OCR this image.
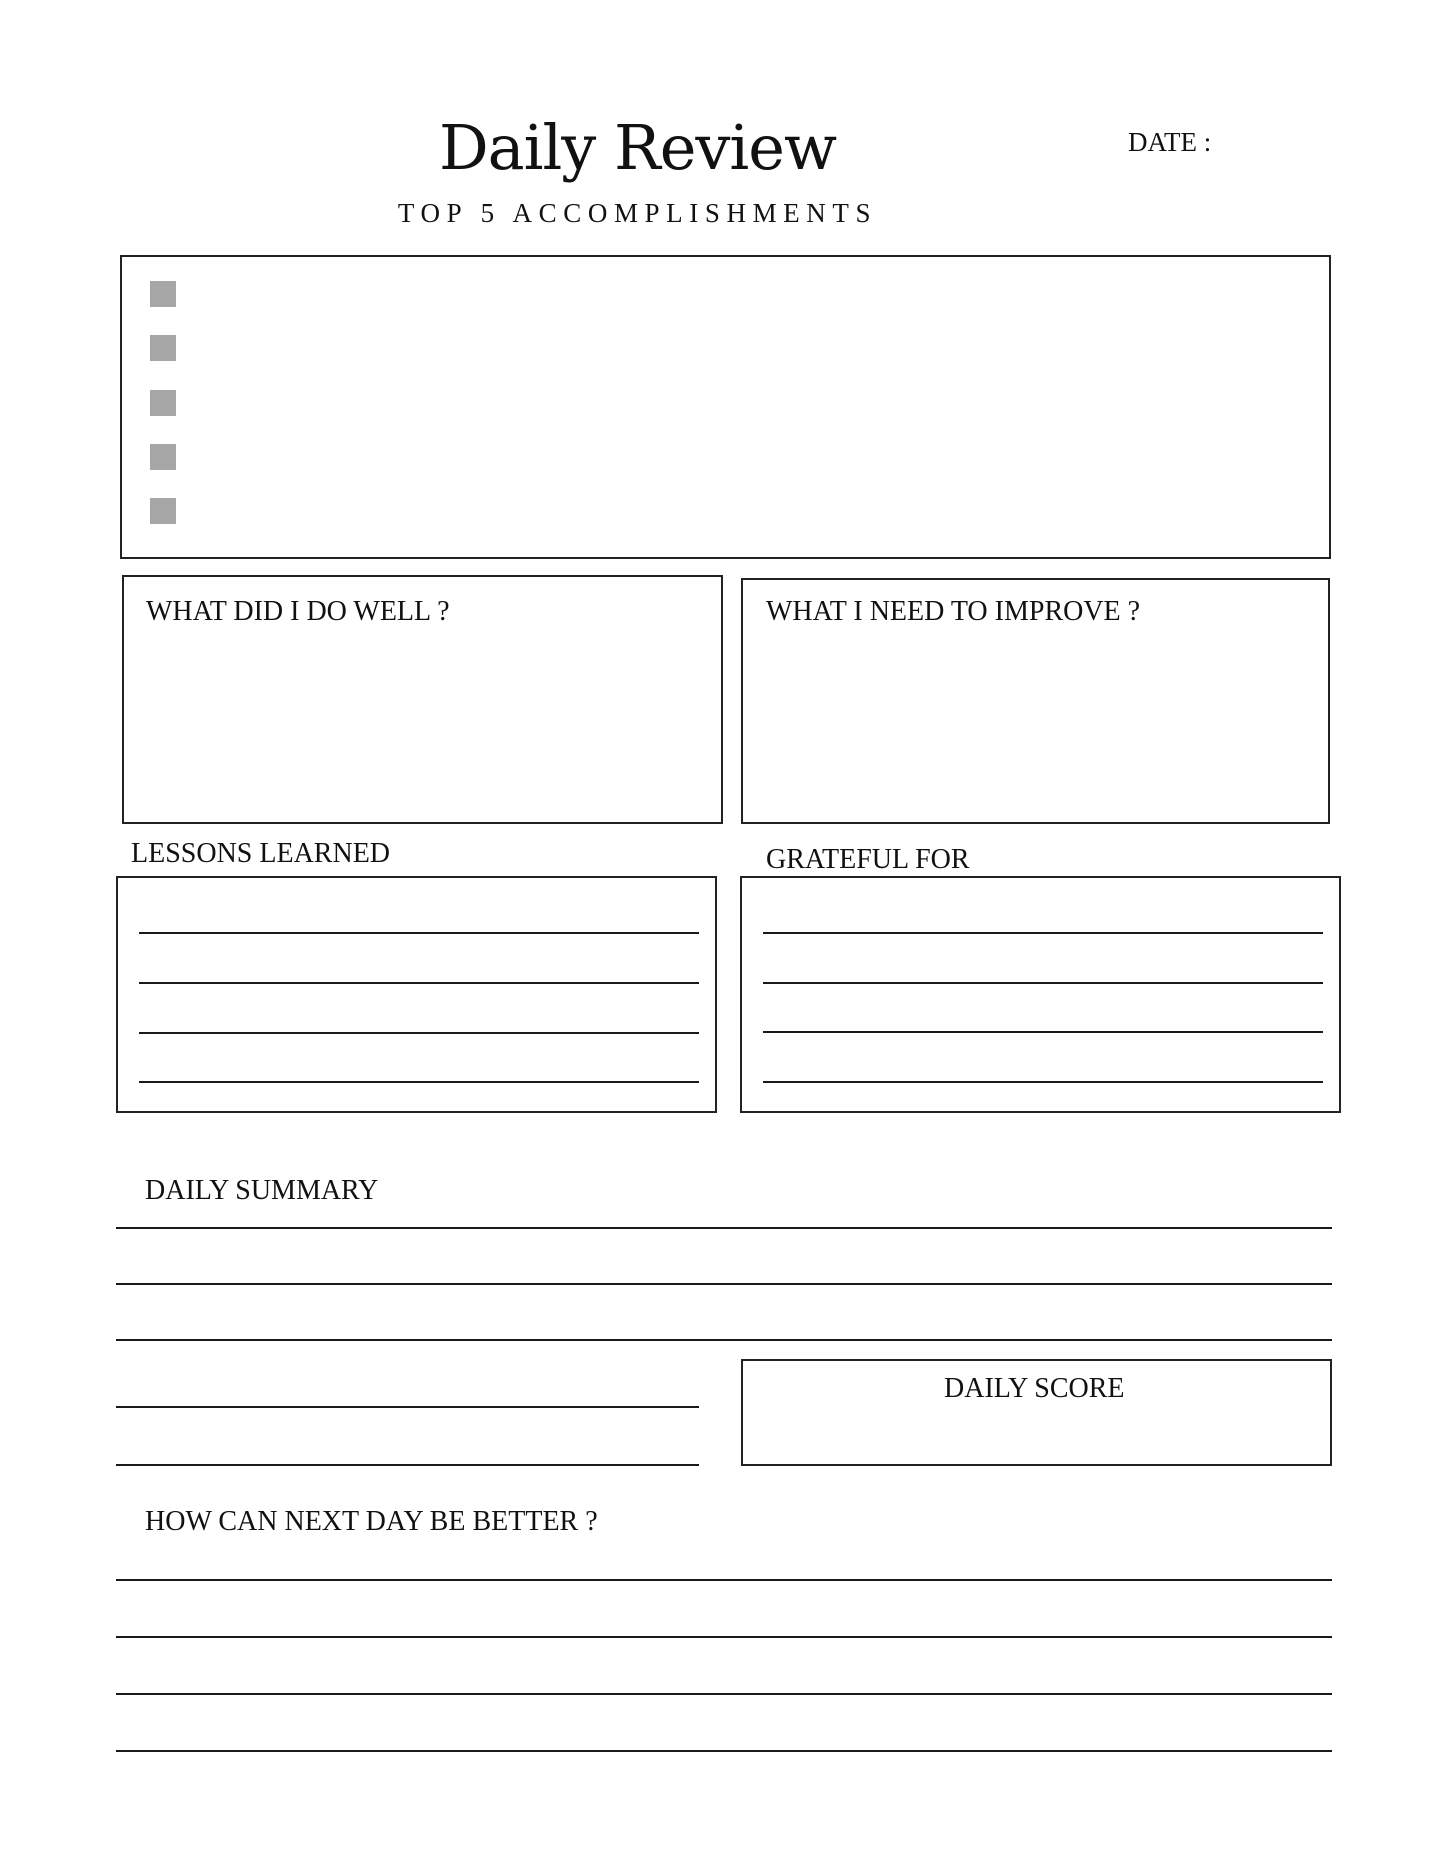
Daily Review
TOP 5 ACCOMPLISHMENTS
DATE :
WHAT DID I DO WELL ?	WHAT I NEED TO IMPROVE ?
LESSONS LEARNED	GRATEFUL FOR
DAILY SUMMARY
DAILY SCORE
HOW CAN NEXT DAY BE BETTER ?
